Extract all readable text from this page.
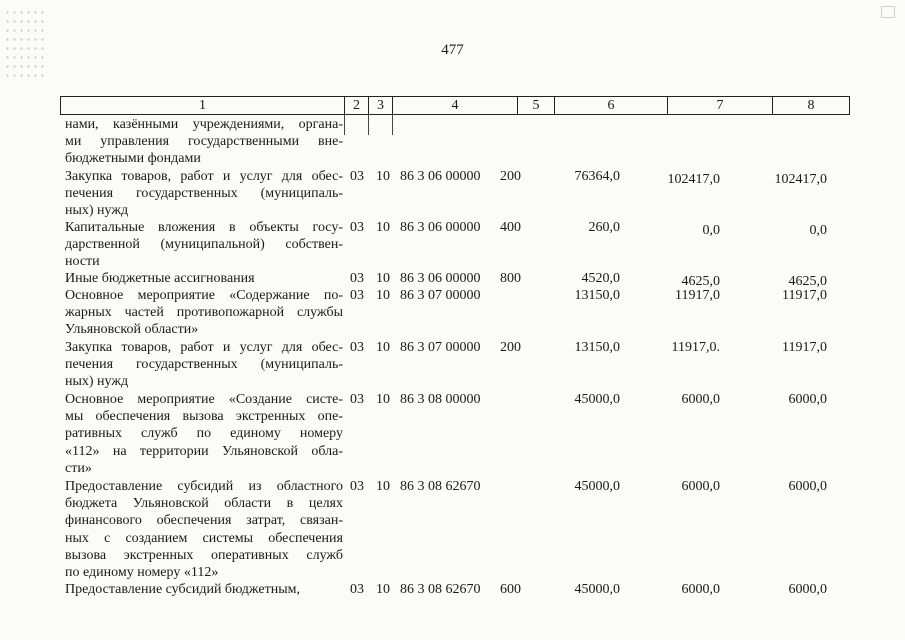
477
1	2	3	4	5	6	7	8
нами, казёнными учреждениями, органа-
ми управления государственными вне-
бюджетными фондами
Закупка товаров, работ и услуг для обес-
печения государственных (муниципаль-
ных) нужд
03 10 86 3 06 00000 200	76364,0	102417,0	102417,0
Капитальные вложения в объекты госу-
дарственной (муниципальной) собствен-
ности
03 10 86 3 06 00000 400	260,0	0,0	0,0
Иные бюджетные ассигнования	03 10 86 3 06 00000 800	4520,0	4625,0	4625,0
Основное мероприятие «Содержание по-
жарных частей противопожарной службы
Ульяновской области»
03 10 86 3 07 00000	13150,0	11917,0	11917,0
Закупка товаров, работ и услуг для обес-
печения государственных (муниципаль-
ных) нужд
03 10 86 3 07 00000 200	13150,0	11917,0.	11917,0
Основное мероприятие «Создание систе-
мы обеспечения вызова экстренных опе-
ративных служб по единому номеру
«112» на территории Ульяновской обла-
сти»
03 10 86 3 08 00000	45000,0	6000,0	6000,0
Предоставление субсидий из областного
бюджета Ульяновской области в целях
финансового обеспечения затрат, связан-
ных с созданием системы обеспечения
вызова экстренных оперативных служб
по единому номеру «112»
03 10 86 3 08 62670	45000,0	6000,0	6000,0
Предоставление субсидий бюджетным,	03 10 86 3 08 62670 600	45000,0	6000,0	6000,0
